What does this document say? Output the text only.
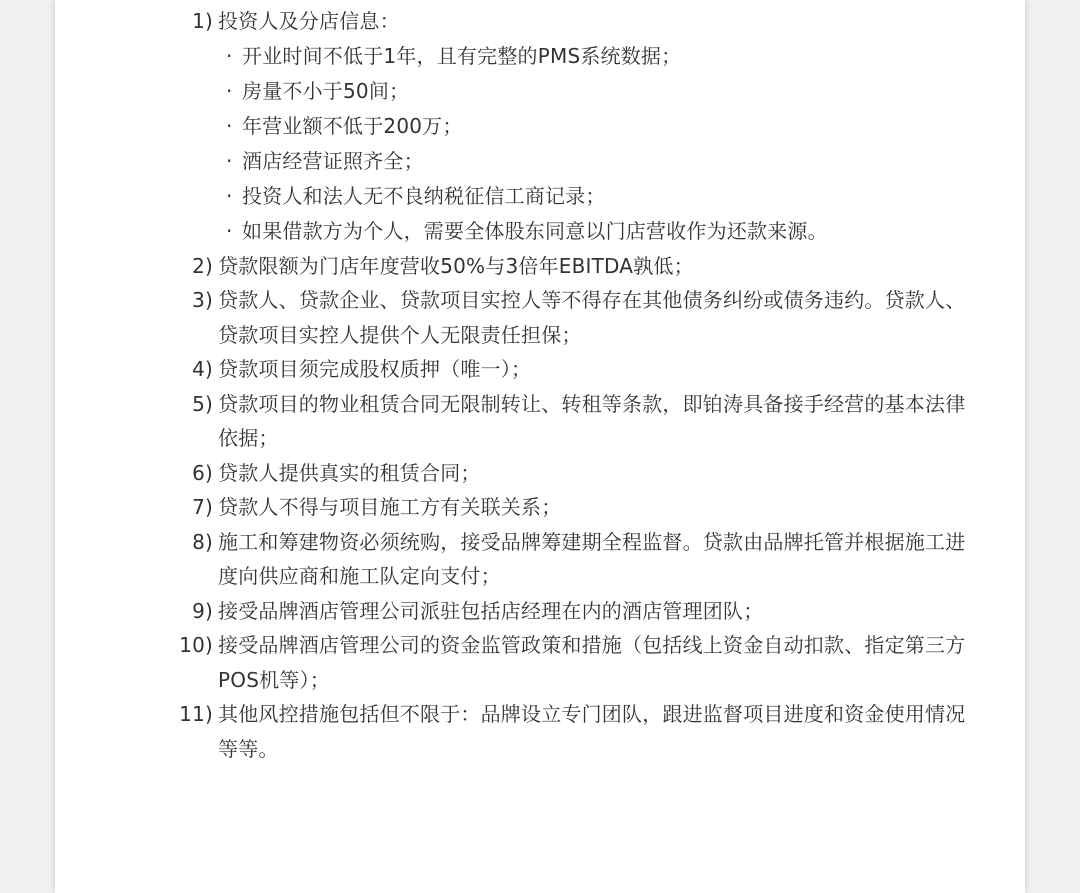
1) 投资人及分店信息：
· 开业时间不低于1年，且有完整的PMS系统数据；
· 房量不小于50间；
· 年营业额不低于200万；
· 酒店经营证照齐全；
· 投资人和法人无不良纳税征信工商记录；
· 如果借款方为个人，需要全体股东同意以门店营收作为还款来源。
2) 贷款限额为门店年度营收50%与3倍年EBITDA孰低；
3) 贷款人、贷款企业、贷款项目实控人等不得存在其他债务纠纷或债务违约。贷款人、贷款项目实控人提供个人无限责任担保；
4) 贷款项目须完成股权质押（唯一）；
5) 贷款项目的物业租赁合同无限制转让、转租等条款，即铂涛具备接手经营的基本法律依据；
6) 贷款人提供真实的租赁合同；
7) 贷款人不得与项目施工方有关联关系；
8) 施工和筹建物资必须统购，接受品牌筹建期全程监督。贷款由品牌托管并根据施工进度向供应商和施工队定向支付；
9) 接受品牌酒店管理公司派驻包括店经理在内的酒店管理团队；
10) 接受品牌酒店管理公司的资金监管政策和措施（包括线上资金自动扣款、指定第三方POS机等）；
11) 其他风控措施包括但不限于：品牌设立专门团队，跟进监督项目进度和资金使用情况等等。
